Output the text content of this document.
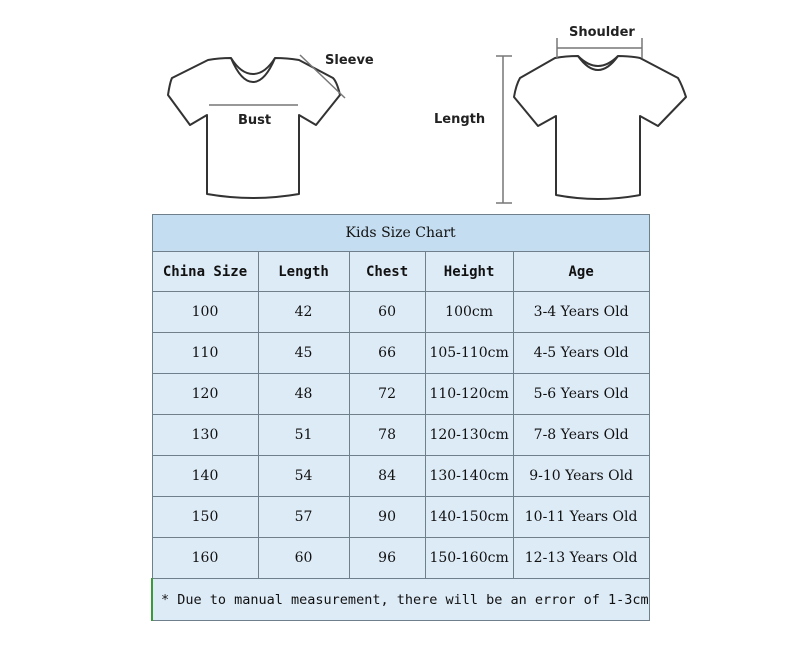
Sleeve
Bust
Shoulder
Length
Kids Size Chart				
China Size	Length	Chest	Height	Age
100	42	60	100cm	3-4 Years Old
110	45	66	105-110cm	4-5 Years Old
120	48	72	110-120cm	5-6 Years Old
130	51	78	120-130cm	7-8 Years Old
140	54	84	130-140cm	9-10 Years Old
150	57	90	140-150cm	10-11 Years Old
160	60	96	150-160cm	12-13 Years Old
* Due to manual measurement, there will be an error of 1-3cm				
